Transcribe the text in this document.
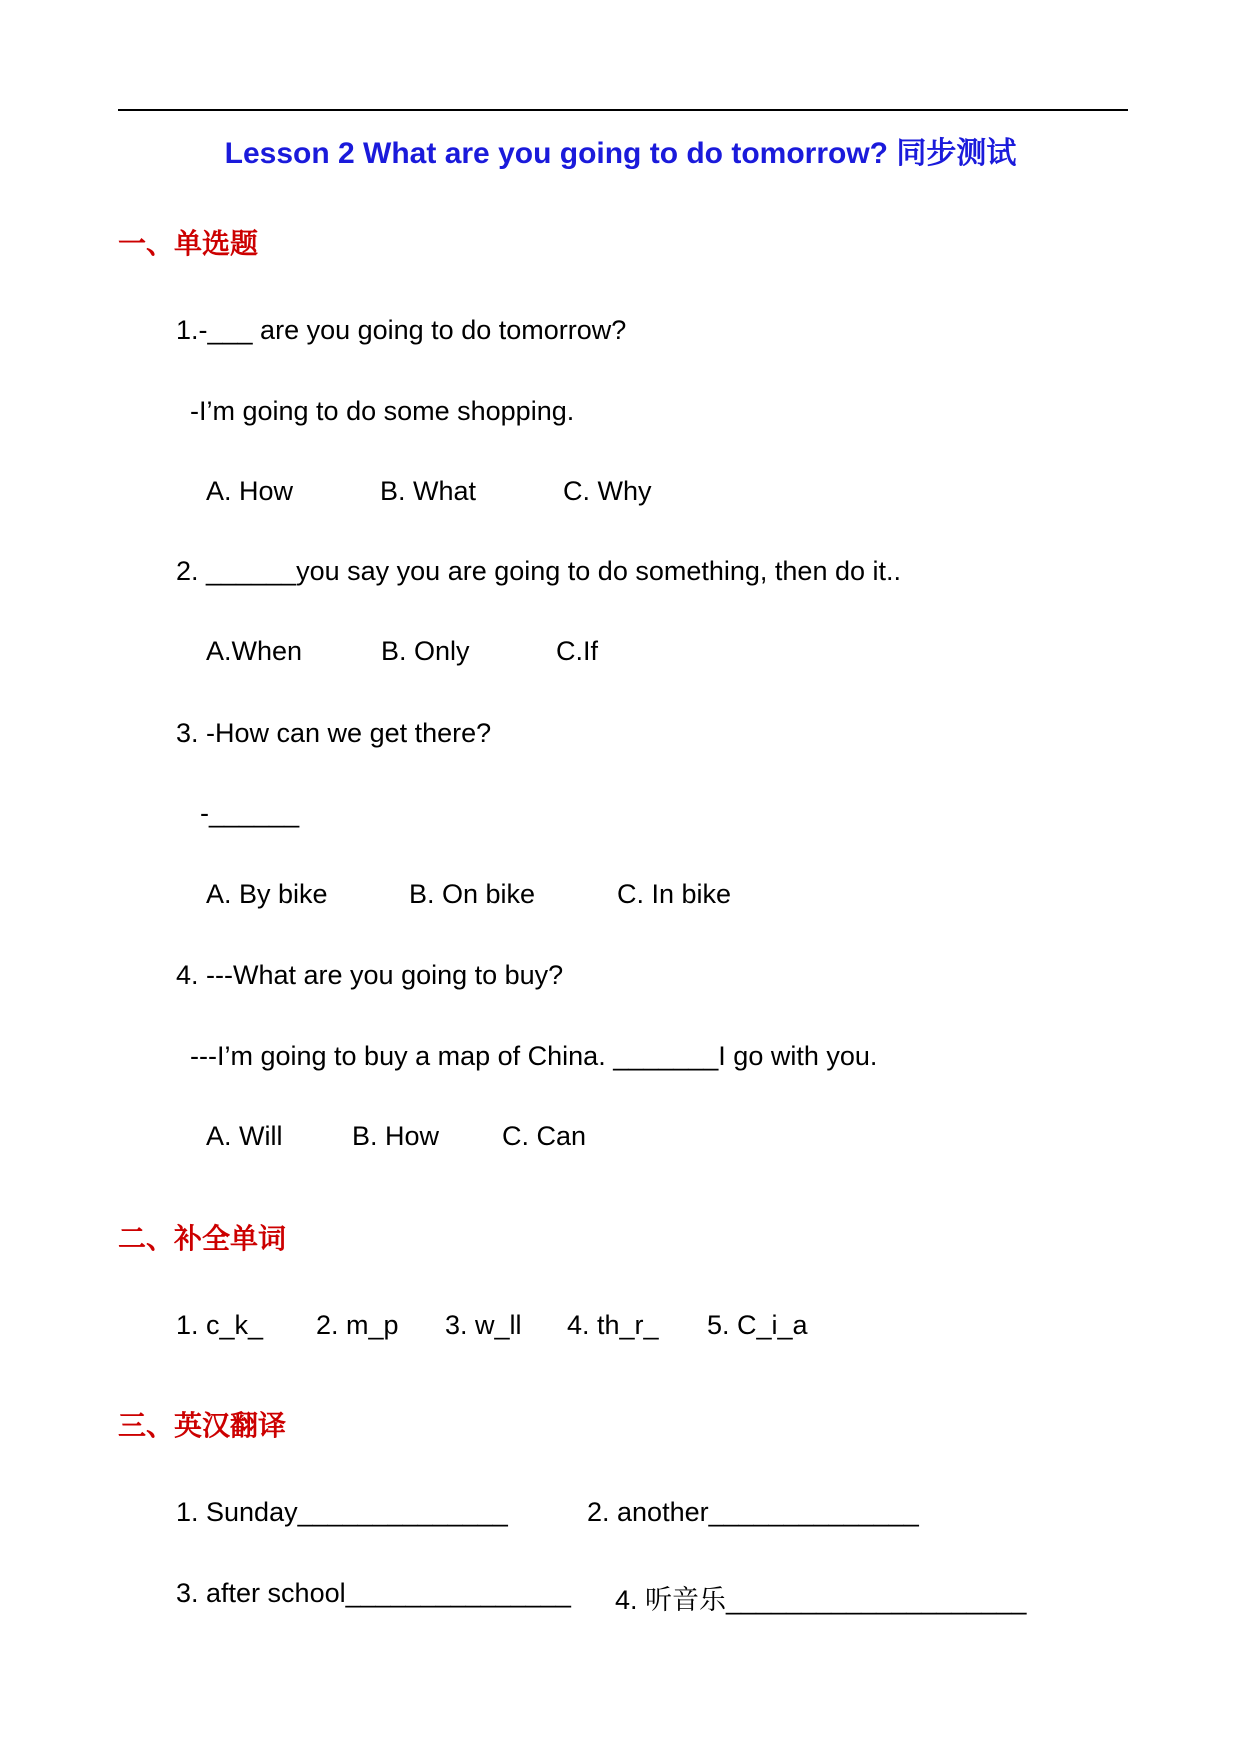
Lesson 2 What are you going to do tomorrow? 同步测试
一、单选题
1.-___ are you going to do tomorrow?
-I’m going to do some shopping.
A. How	B. What	C. Why
2. ______you say you are going to do something, then do it..
A.When	B. Only	C.If
3. -How can we get there?
-______
A. By bike	B. On bike	C. In bike
4. ---What are you going to buy?
---I’m going to buy a map of China. _______I go with you.
A. Will	B. How C. Can
二、补全单词
1. c_k_ 2. m_p 3. w_ll 4. th_r_ 5. C_i_a
三、英汉翻译
1. Sunday______________	2. another______________
3. after school_______________ 4. 听音乐____________________
